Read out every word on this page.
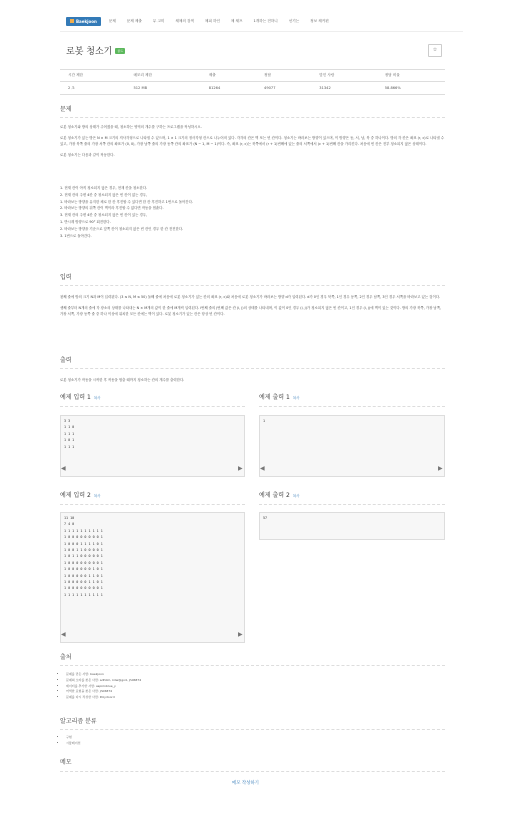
Baekjoon	문제	문제 제출	무 고미	채채의 검색	채피 하인	채 채프	1개하는 전하니	선기는	정보 채커편
로봇 청소기	골드	☆
시간 제한	메모리 제한	제출	정답	맞힌 사람	정답 비율
2 초	512 MB	81264	49077	31342	58.866%
문제

로봇 청소기와 방의 상태가 주어졌을 때, 청소하는 영역의 개수를 구하는 프로그램을 작성하시오.

로봇 청소기가 있는 방은 N × M 크기의 직사각형으로 나타낼 수 있으며, 1 × 1 크기의 정사각형 칸으로 나누어져 있다. 각각의 칸은 벽 또는 빈 칸이다. 청소기는 바라보는 방향이 있으며, 이 방향은 동, 서, 남, 북 중 하나이다. 방의 각 칸은 좌표 (r, c)로 나타낼 수 있고, 가장 북쪽 줄의 가장 서쪽 칸의 좌표가 (0, 0), 가장 남쪽 줄의 가장 동쪽 칸의 좌표가 (N − 1, M − 1)이다. 즉, 좌표 (r, c)는 북쪽에서 (r + 1)번째에 있는 줄의 서쪽에서 (c + 1)번째 칸을 가리킨다. 처음에 빈 칸은 전부 청소되지 않은 상태이다.

로봇 청소기는 다음과 같이 작동한다.

1. 현재 칸이 아직 청소되지 않은 경우, 현재 칸을 청소한다.
2. 현재 칸의 주변 4칸 중 청소되지 않은 빈 칸이 없는 경우,
1. 바라보는 방향을 유지한 채로 한 칸 후진할 수 있다면 한 칸 후진하고 1번으로 돌아간다.
2. 바라보는 방향의 뒤쪽 칸이 벽이라 후진할 수 없다면 작동을 멈춘다.
3. 현재 칸의 주변 4칸 중 청소되지 않은 빈 칸이 있는 경우,
1. 반시계 방향으로 90° 회전한다.
2. 바라보는 방향을 기준으로 앞쪽 칸이 청소되지 않은 빈 칸인 경우 한 칸 전진한다.
3. 1번으로 돌아간다.
입력

첫째 줄에 방의 크기 N과 M이 입력된다. (3 ≤ N, M ≤ 50) 둘째 줄에 처음에 로봇 청소기가 있는 칸의 좌표 (r, c)와 처음에 로봇 청소기가 바라보는 방향 d가 입력된다. d가 0인 경우 북쪽, 1인 경우 동쪽, 2인 경우 남쪽, 3인 경우 서쪽을 바라보고 있는 것이다.

셋째 줄부터 N개의 줄에 각 장소의 상태를 나타내는 N × M개의 값이 한 줄에 M개씩 입력된다. i번째 줄의 j번째 값은 칸 (i, j)의 상태를 나타내며, 이 값이 0인 경우 (i, j)가 청소되지 않은 빈 칸이고, 1인 경우 (i, j)에 벽이 있는 것이다. 방의 가장 북쪽, 가장 남쪽, 가장 서쪽, 가장 동쪽 줄 중 하나 이상에 위치한 모든 칸에는 벽이 있다. 로봇 청소기가 있는 칸은 항상 빈 칸이다.

출력
로봇 청소기가 작동을 시작한 후 작동을 멈출 때까지 청소하는 칸의 개수를 출력한다.
예제 입력 1 복사	예제 출력 1 복사
3 3
1 1 0
1 1 1
1 0 1
1 1 1
1
◀	▶	◀	▶
예제 입력 2 복사	예제 출력 2 복사
11 10
7 4 0
1 1 1 1 1 1 1 1 1 1
1 0 0 0 0 0 0 0 0 1
1 0 0 0 1 1 1 1 0 1
1 0 0 1 1 0 0 0 0 1
1 0 1 1 0 0 0 0 0 1
1 0 0 0 0 0 0 0 0 1
1 0 0 0 0 0 0 1 0 1
1 0 0 0 0 0 1 1 0 1
1 0 0 0 0 0 1 1 0 1
1 0 0 0 0 0 0 0 0 1
1 1 1 1 1 1 1 1 1 1
57
◀	▶
출처
• 문제를 만든 사람: baekjoon
• 문제의 오타를 찾은 사람: adh0m, kdw@go4, jh06874
• 데이터를 추가한 사람: aspirinblue_y
• 어색한 표현을 찾은 사람: jh06874
• 문제를 다시 작성한 사람: Polydoord
알고리즘 분류
• 구현
• 시뮬레이션
메모
메모 작성하기
